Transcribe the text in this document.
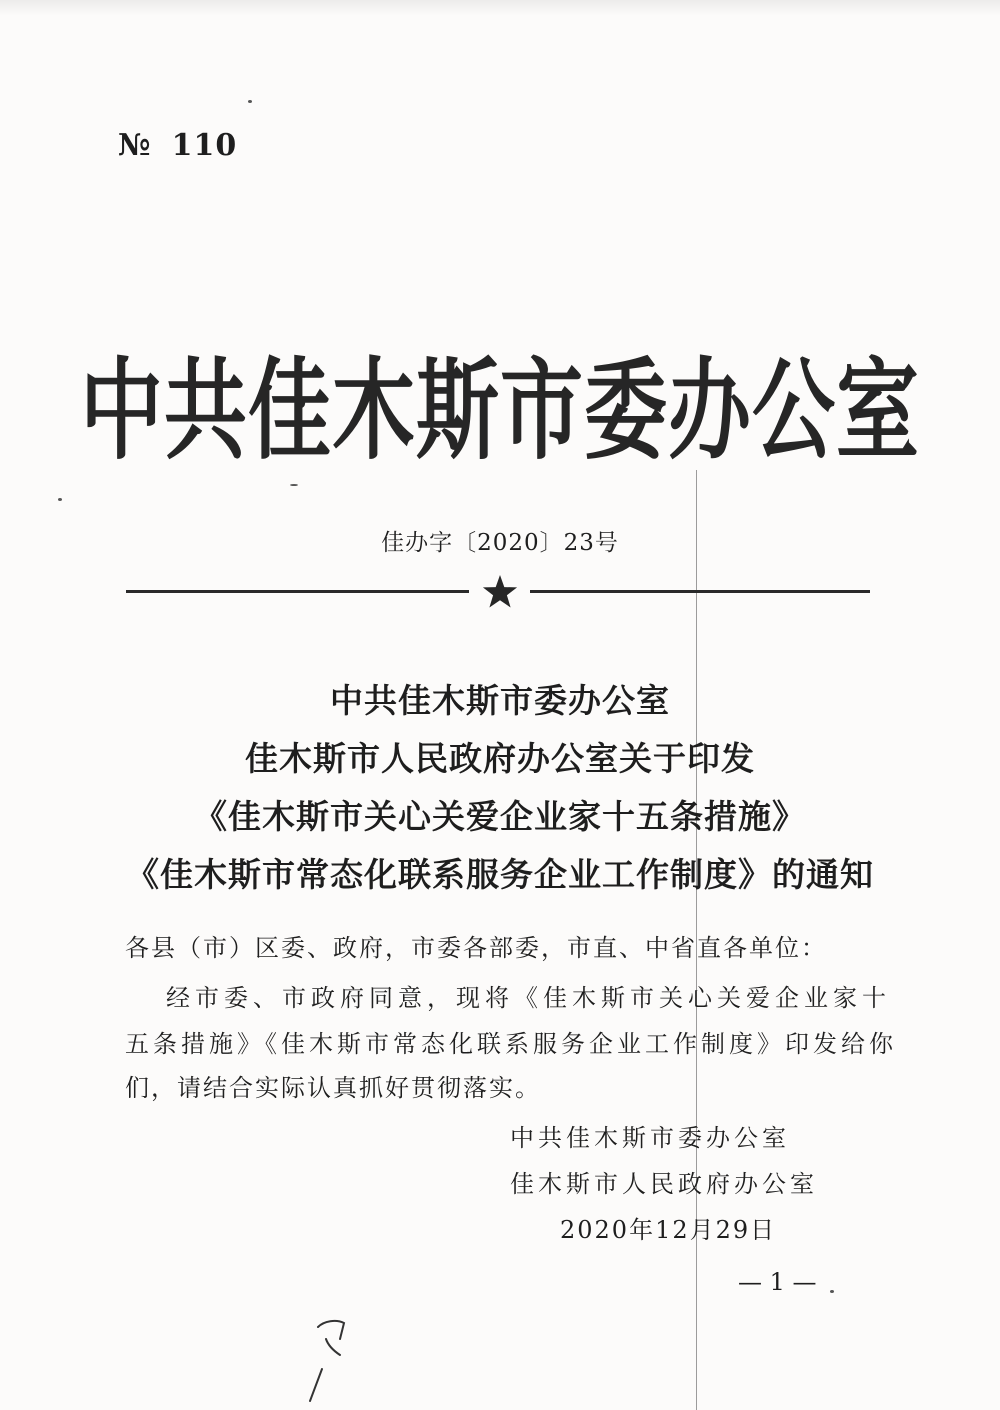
№ 110
中共佳木斯市委办公室
佳办字〔2020〕23号
中共佳木斯市委办公室
佳木斯市人民政府办公室关于印发
《佳木斯市关心关爱企业家十五条措施》
《佳木斯市常态化联系服务企业工作制度》的通知
各县（市）区委、政府，市委各部委，市直、中省直各单位：
经市委、市政府同意，现将《佳木斯市关心关爱企业家十
五条措施》《佳木斯市常态化联系服务企业工作制度》印发给你
们，请结合实际认真抓好贯彻落实。
中共佳木斯市委办公室
佳木斯市人民政府办公室
2020年12月29日
— 1 —
